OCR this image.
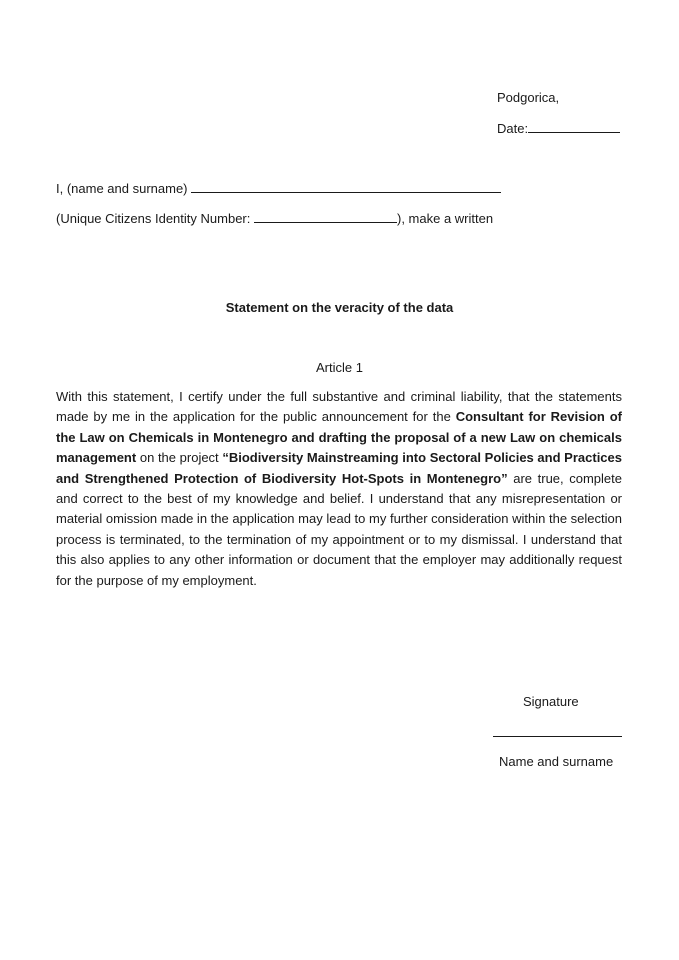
Podgorica,
Date:
I, (name and surname)
(Unique Citizens Identity Number:	), make a written
Statement on the veracity of the data
Article 1
With this statement, I certify under the full substantive and criminal liability, that the statements made by me in the application for the public announcement for the Consultant for Revision of the Law on Chemicals in Montenegro and drafting the proposal of a new Law on chemicals management on the project “Biodiversity Mainstreaming into Sectoral Policies and Practices and Strengthened Protection of Biodiversity Hot-Spots in Montenegro” are true, complete and correct to the best of my knowledge and belief. I understand that any misrepresentation or material omission made in the application may lead to my further consideration within the selection process is terminated, to the termination of my appointment or to my dismissal. I understand that this also applies to any other information or document that the employer may additionally request for the purpose of my employment.
Signature
Name and surname
